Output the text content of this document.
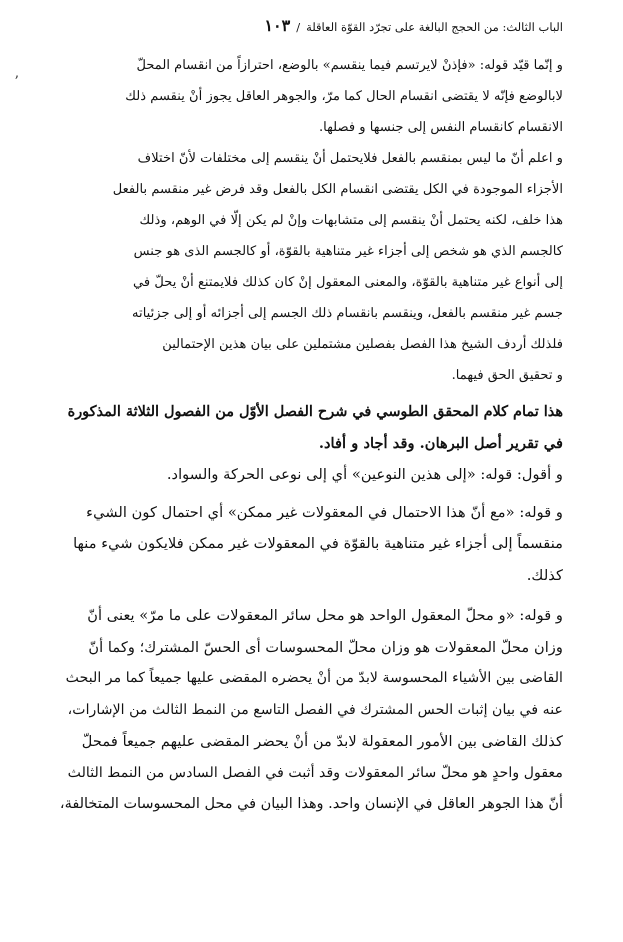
الباب الثالث: من الحجج البالغة على تجرّد القوّة العاقلة
/
١٠٣

و إنّما قيّد قوله: «فإذنْ لايرتسم فيما ينقسم» بالوضع، احترازاً من انقسام المحلّ
لابالوضع فإنّه لا يقتضى انقسام الحال كما مرّ، والجوهر العاقل يجوز أنْ ينقسم ذلك
الانقسام كانقسام النفس إلى جنسها و فصلها.

و اعلم أنّ ما ليس بمنقسم بالفعل فلايحتمل أنْ ينقسم إلى مختلفات لأنّ اختلاف
الأجزاء الموجودة في الكل يقتضى انقسام الكل بالفعل وقد فرض غير منقسم بالفعل
هذا خلف، لكنه يحتمل أنْ ينقسم إلى متشابهات وإنْ لم يكن إلّا في الوهم، وذلك
كالجسم الذي هو شخص إلى أجزاء غير متناهية بالقوّة، أو كالجسم الذى هو جنس
إلى أنواع غير متناهية بالقوّة، والمعنى المعقول إنْ كان كذلك فلايمتنع أنْ يحلّ في
جسم غير منقسم بالفعل، وينقسم بانقسام ذلك الجسم إلى أجزائه أو إلى جزئياته
فلذلك أردف الشيخ هذا الفصل بفصلين مشتملين على بيان هذين الإحتمالين
و تحقيق الحق فيهما.

هذا تمام كلام المحقق الطوسي في شرح الفصل الأوّل من الفصول الثلاثة المذكورة
في تقرير أصل البرهان. وقد أجاد و أفاد.

و أقول: قوله: «إلى هذين النوعين» أي إلى نوعى الحركة والسواد.

و قوله: «مع أنّ هذا الاحتمال في المعقولات غير ممكن» أي احتمال كون الشيء
منقسماً إلى أجزاء غير متناهية بالقوّة في المعقولات غير ممكن فلايكون شيء منها
كذلك.

و قوله: «و محلّ المعقول الواحد هو محل سائر المعقولات على ما مرّ» يعنى أنّ
وزان محلّ المعقولات هو وزان محلّ المحسوسات أى الحسّ المشترك؛ وكما أنّ
القاضى بين الأشياء المحسوسة لابدّ من أنْ يحضره المقضى عليها جميعاً كما مر البحث
عنه في بيان إثبات الحس المشترك في الفصل التاسع من النمط الثالث من الإشارات،
كذلك القاضى بين الأمور المعقولة لابدّ من أنْ يحضر المقضى عليهم جميعاً فمحلّ
معقول واحدٍ هو محلّ سائر المعقولات وقد أثبت في الفصل السادس من النمط الثالث
أنّ هذا الجوهر العاقل في الإنسان واحد. وهذا البيان في محل المحسوسات المتخالفة،

ʼ
